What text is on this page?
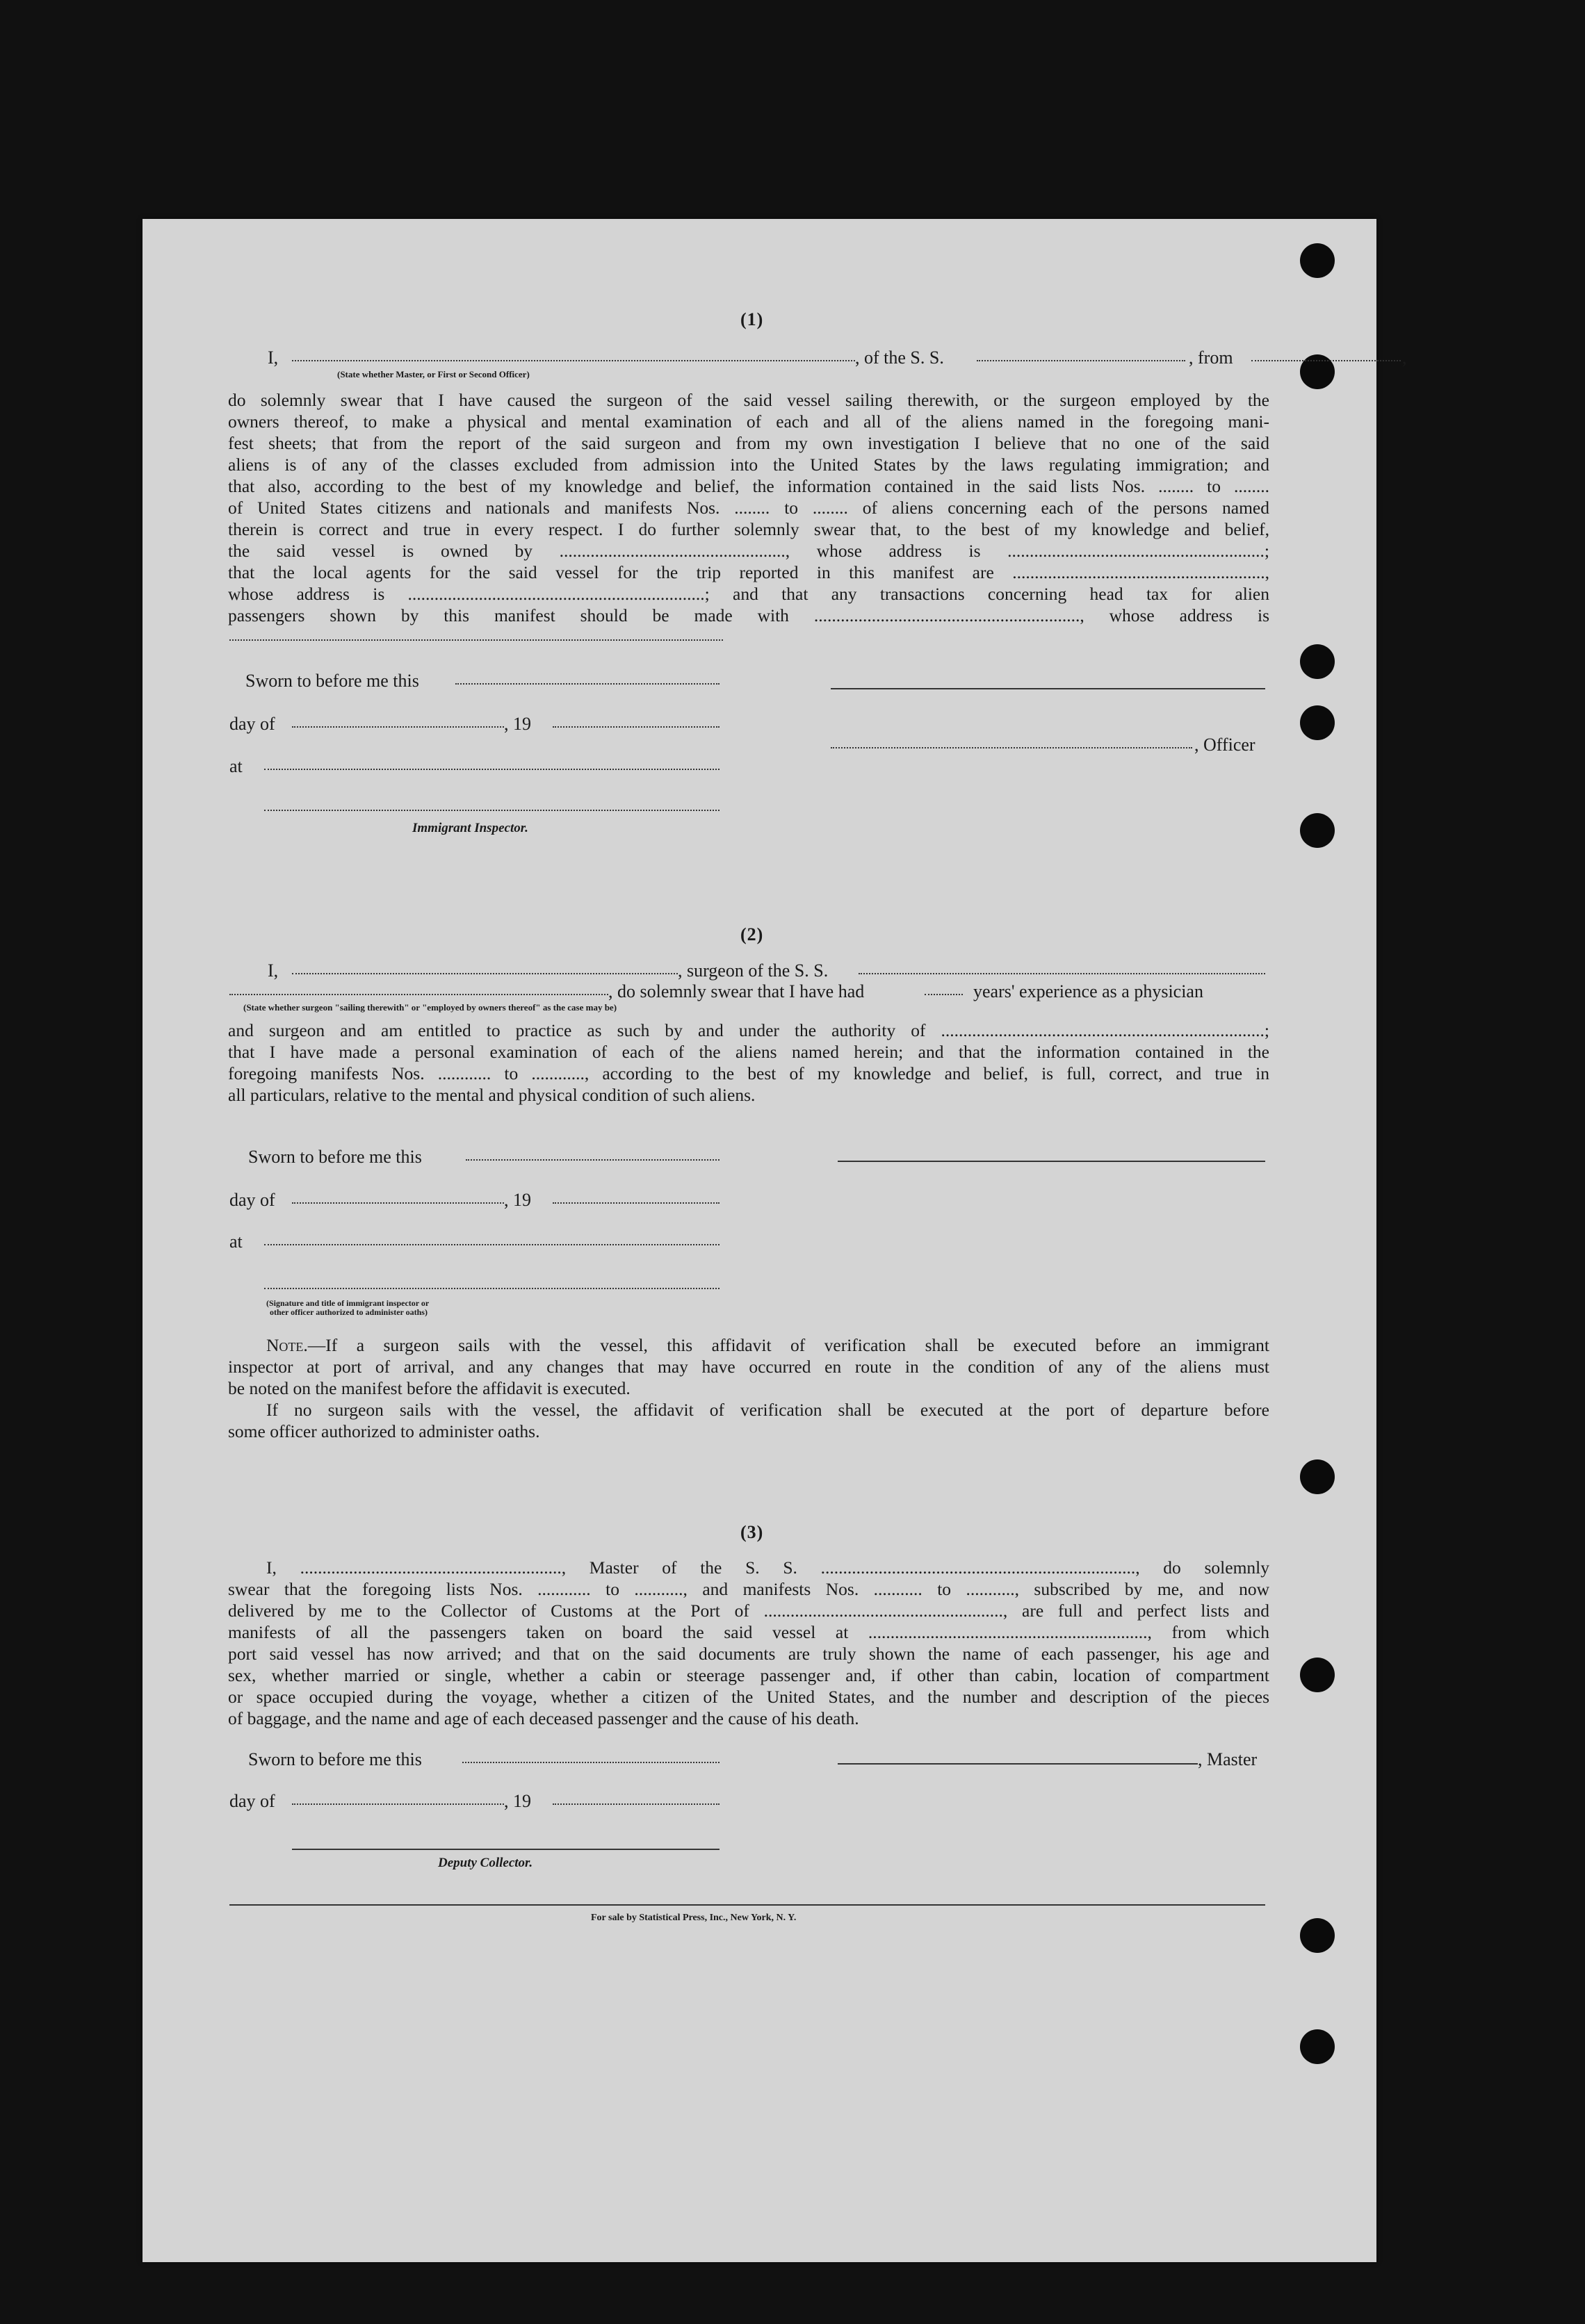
(1)
I,	, of the S. S.	, from	,
(State whether Master, or First or Second Officer)
do solemnly swear that I have caused the surgeon of the said vessel sailing therewith, or the surgeon employed by the
owners thereof, to make a physical and mental examination of each and all of the aliens named in the foregoing mani-
fest sheets; that from the report of the said surgeon and from my own investigation I believe that no one of the said
aliens is of any of the classes excluded from admission into the United States by the laws regulating immigration; and
that also, according to the best of my knowledge and belief, the information contained in the said lists Nos. ........ to ........
of United States citizens and nationals and manifests Nos. ........ to ........ of aliens concerning each of the persons named
therein is correct and true in every respect. I do further solemnly swear that, to the best of my knowledge and belief,
the said vessel is owned by ..................................................., whose address is ..........................................................;
that the local agents for the said vessel for the trip reported in this manifest are .........................................................,
whose address is ...................................................................; and that any transactions concerning head tax for alien
passengers shown by this manifest should be made with ............................................................, whose address is
Sworn to before me this
day of	, 19
, Officer
at
Immigrant Inspector.
(2)
I,	, surgeon of the S. S.
, do solemnly swear that I have had	years' experience as a physician
(State whether surgeon "sailing therewith" or "employed by owners thereof" as the case may be)
and surgeon and am entitled to practice as such by and under the authority of .........................................................................;
that I have made a personal examination of each of the aliens named herein; and that the information contained in the
foregoing manifests Nos. ............ to ............, according to the best of my knowledge and belief, is full, correct, and true in
all particulars, relative to the mental and physical condition of such aliens.
Sworn to before me this
day of	, 19
at
(Signature and title of immigrant inspector or
other officer authorized to administer oaths)
Note.—If a surgeon sails with the vessel, this affidavit of verification shall be executed before an immigrant
inspector at port of arrival, and any changes that may have occurred en route in the condition of any of the aliens must
be noted on the manifest before the affidavit is executed.
If no surgeon sails with the vessel, the affidavit of verification shall be executed at the port of departure before
some officer authorized to administer oaths.
(3)
I, ..........................................................., Master of the S. S. ......................................................................., do solemnly
swear that the foregoing lists Nos. ............ to ..........., and manifests Nos. ........... to ..........., subscribed by me, and now
delivered by me to the Collector of Customs at the Port of ......................................................, are full and perfect lists and
manifests of all the passengers taken on board the said vessel at ..............................................................., from which
port said vessel has now arrived; and that on the said documents are truly shown the name of each passenger, his age and
sex, whether married or single, whether a cabin or steerage passenger and, if other than cabin, location of compartment
or space occupied during the voyage, whether a citizen of the United States, and the number and description of the pieces
of baggage, and the name and age of each deceased passenger and the cause of his death.
Sworn to before me this	, Master
day of	, 19
Deputy Collector.
For sale by Statistical Press, Inc., New York, N. Y.
